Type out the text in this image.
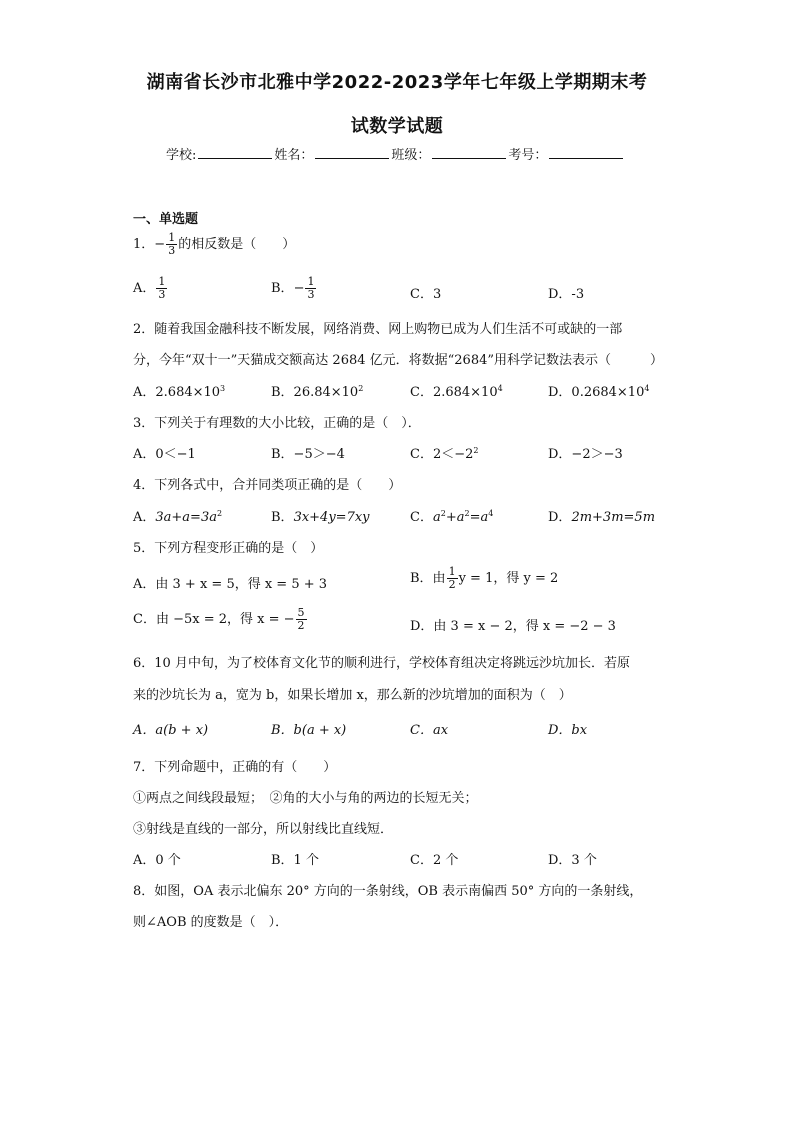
湖南省长沙市北雅中学2022-2023学年七年级上学期期末考
试数学试题
学校:	姓名：	班级：	考号：
一、单选题
1．− $\frac{1}{3}$ 的相反数是（　　）
A． $\frac{1}{3}$	B．− $\frac{1}{3}$	C．3	D．-3
2．随着我国金融科技不断发展，网络消费、网上购物已成为人们生活不可或缺的一部
分，今年“双十一”天猫成交额高达 2684 亿元．将数据“2684”用科学记数法表示（　　　）
A．$2.684\times 10^3$	B．$26.84\times 10^2$	C．$2.684\times 10^4$	D．$0.2684\times 10^4$
3．下列关于有理数的大小比较，正确的是（　）．
A．0＜−1	B．−5＞−4	C．$2<-2^2$	D．−2＞−3
4．下列各式中，合并同类项正确的是（　　）
A．$3a+a=3a^2$	B．3x+4y=7xy	C．$a^2+a^2=a^4$	D．2m+3m=5m
5．下列方程变形正确的是（　）
A．由 3 + x = 5，得 x = 5 + 3	B．由 $\frac{1}{2}$ y = 1，得 y = 2
C．由 −5x = 2，得 x = − $\frac{5}{2}$	D．由 3 = x − 2，得 x = −2 − 3
6．10 月中旬，为了校体育文化节的顺利进行，学校体育组决定将跳远沙坑加长．若原
来的沙坑长为 a，宽为 b，如果长增加 x，那么新的沙坑增加的面积为（　）
A．a(b + x)	B．b(a + x)	C．ax	D．bx
7．下列命题中，正确的有（　　）
①两点之间线段最短；　②角的大小与角的两边的长短无关；
③射线是直线的一部分，所以射线比直线短．
A．0 个	B．1 个	C．2 个	D．3 个
8．如图，OA 表示北偏东 20° 方向的一条射线，OB 表示南偏西 50° 方向的一条射线，
则∠AOB 的度数是（　）．
